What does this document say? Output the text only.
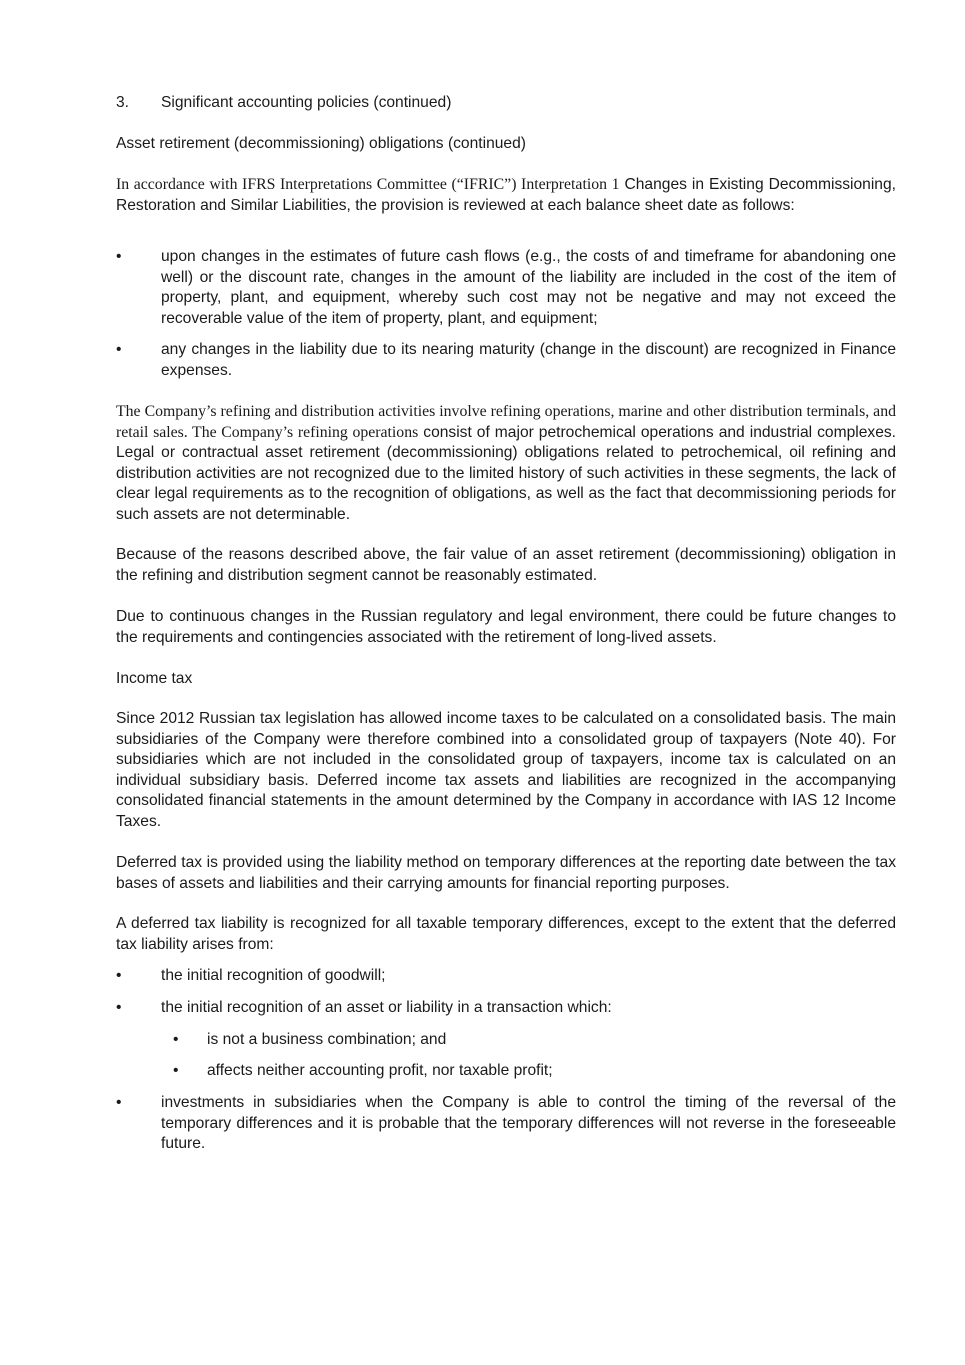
3. Significant accounting policies (continued)
Asset retirement (decommissioning) obligations (continued)

In accordance with IFRS Interpretations Committee (“IFRIC”) Interpretation 1 Changes in Existing Decommissioning, Restoration and Similar Liabilities, the provision is reviewed at each balance sheet date as follows:

•	upon changes in the estimates of future cash flows (e.g., the costs of and timeframe for abandoning one well) or the discount rate, changes in the amount of the liability are included in the cost of the item of property, plant, and equipment, whereby such cost may not be negative and may not exceed the recoverable value of the item of property, plant, and equipment;
•	any changes in the liability due to its nearing maturity (change in the discount) are recognized in Finance expenses.

The Company’s refining and distribution activities involve refining operations, marine and other distribution terminals, and retail sales. The Company’s refining operations consist of major petrochemical operations and industrial complexes. Legal or contractual asset retirement (decommissioning) obligations related to petrochemical, oil refining and distribution activities are not recognized due to the limited history of such activities in these segments, the lack of clear legal requirements as to the recognition of obligations, as well as the fact that decommissioning periods for such assets are not determinable.

Because of the reasons described above, the fair value of an asset retirement (decommissioning) obligation in the refining and distribution segment cannot be reasonably estimated.

Due to continuous changes in the Russian regulatory and legal environment, there could be future changes to the requirements and contingencies associated with the retirement of long-lived assets.

Income tax

Since 2012 Russian tax legislation has allowed income taxes to be calculated on a consolidated basis. The main subsidiaries of the Company were therefore combined into a consolidated group of taxpayers (Note 40). For subsidiaries which are not included in the consolidated group of taxpayers, income tax is calculated on an individual subsidiary basis. Deferred income tax assets and liabilities are recognized in the accompanying consolidated financial statements in the amount determined by the Company in accordance with IAS 12 Income Taxes.

Deferred tax is provided using the liability method on temporary differences at the reporting date between the tax bases of assets and liabilities and their carrying amounts for financial reporting purposes.

A deferred tax liability is recognized for all taxable temporary differences, except to the extent that the deferred tax liability arises from:

•	the initial recognition of goodwill;
•	the initial recognition of an asset or liability in a transaction which:
• is not a business combination; and
• affects neither accounting profit, nor taxable profit;
•	investments in subsidiaries when the Company is able to control the timing of the reversal of the temporary differences and it is probable that the temporary differences will not reverse in the foreseeable future.
